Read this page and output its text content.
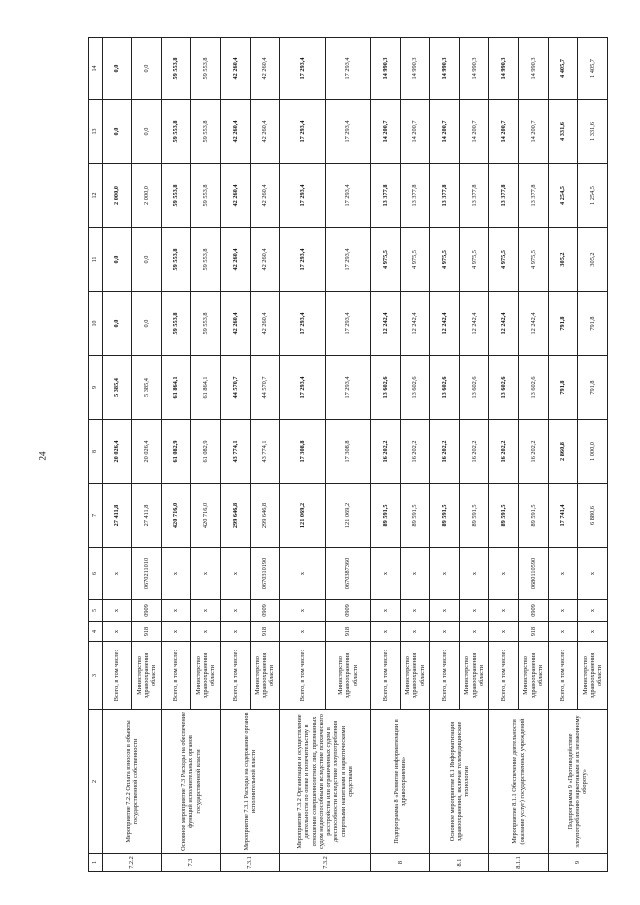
24
1	2	3	4	5	6	7	8	9	10	11	12	13	14
7.2.2	Мероприятие 7.2.2 Оплата взносов в объекты государственной собственности	Всего, в том числе:	x	x	x	27 411,8	20 026,4	5 385,4	0,0	0,0	2 000,0	0,0	0,0
		Министерство здравоохранения области	918	0909	0670211010	27 411,8	20 026,4	5 385,4	0,0	0,0	2 000,0	0,0	0,0
7.3	Основное мероприятие 7.3 Расходы на обеспечение функций исполнительных органов государственной власти	Всего, в том числе:	x	x	x	420 716,0	61 082,9	61 864,1	59 553,8	59 553,8	59 553,8	59 553,8	59 553,8
		Министерство здравоохранения области	x	x	x	420 716,0	61 082,9	61 864,1	59 553,8	59 553,8	59 553,8	59 553,8	59 553,8
7.3.1	Мероприятие 7.3.1 Расходы на содержание органов исполнительной власти	Всего, в том числе:	x	x	x	299 646,8	43 774,1	44 570,7	42 260,4	42 260,4	42 260,4	42 260,4	42 260,4
		Министерство здравоохранения области	918	0909	0670310190	299 646,8	43 774,1	44 570,7	42 260,4	42 260,4	42 260,4	42 260,4	42 260,4
7.3.2	Мероприятие 7.3.2 Организация и осуществление деятельности по опеке и попечительству в отношении совершеннолетних лиц, признанных судом недееспособными вследствие психического расстройства или ограниченных судом в дееспособности вследствие злоупотребления спиртными напитками и наркотическими средствами	Всего, в том числе:	x	x	x	121 069,2	17 308,8	17 293,4	17 293,4	17 293,4	17 293,4	17 293,4	17 293,4
		Министерство здравоохранения области	918	0909	0670387360	121 069,2	17 308,8	17 293,4	17 293,4	17 293,4	17 293,4	17 293,4	17 293,4
8	Подпрограмма 8 «Развитие информатизации в здравоохранении»	Всего, в том числе:	x	x	x	89 591,5	16 202,2	13 602,6	12 242,4	4 975,5	13 377,8	14 200,7	14 990,3
		Министерство здравоохранения области	x	x	x	89 591,5	16 202,2	13 602,6	12 242,4	4 975,5	13 377,8	14 200,7	14 990,3
8.1	Основное мероприятие 8.1 Информатизация здравоохранения, включая телемедицинские технологии	Всего, в том числе:	x	x	x	89 591,5	16 202,2	13 602,6	12 242,4	4 975,5	13 377,8	14 200,7	14 990,3
		Министерство здравоохранения области	x	x	x	89 591,5	16 202,2	13 602,6	12 242,4	4 975,5	13 377,8	14 200,7	14 990,3
8.1.1	Мероприятие 8.1.1 Обеспечение деятельности (оказание услуг) государственных учреждений	Всего, в том числе:	x	x	x	89 591,5	16 202,2	13 602,6	12 242,4	4 975,5	13 377,8	14 200,7	14 990,3
		Министерство здравоохранения области	918	0909	0680110590	89 591,5	16 202,2	13 602,6	12 242,4	4 975,5	13 377,8	14 200,7	14 990,3
9	Подпрограмма 9 «Противодействие злоупотреблению наркотиками и их незаконному обороту»	Всего, в том числе:	x	x	x	17 741,4	2 860,8	791,8	791,8	305,2	4 254,5	4 331,6	4 405,7
		Министерство здравоохранения области	x	x	x	6 880,6	1 000,0	791,8	791,8	305,2	1 254,5	1 331,6	1 405,7
